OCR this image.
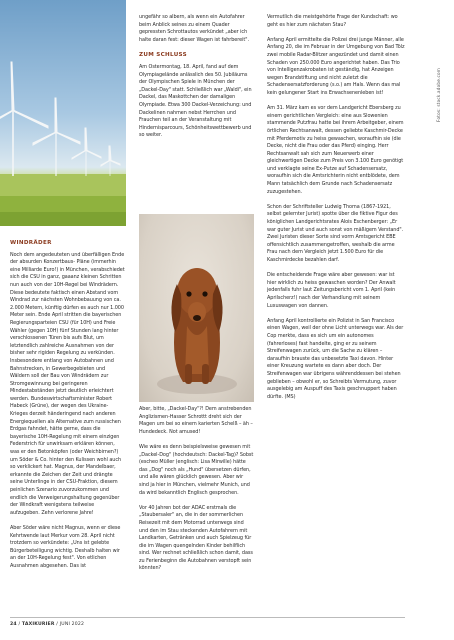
Fotos: stock.adobe.com
WINDRÄDER

Noch dem angedeuteten und überfälligen Ende der absurden Konzertbaus- Pläne (immerhin eine Milliarde Euro!) in München, verabschiedet sich die CSU in ganz, gaaanz kleinen Schritten nun auch von der 10H-Regel bei Windrädern. Diese bedeutete faktisch einen Abstand vom Windrad zur nächsten Wohnbebauung von ca. 2.000 Metern, künftig dürfen es auch nur 1.000 Meter sein. Ende April stritten die bayerischen Regierungsparteien CSU (für 10H) und Freie Wähler (gegen 10H) fünf Stunden lang hinter verschlossenen Türen bis aufs Blut, um letztendlich zahlreiche Ausnahmen von der bisher sehr rigiden Regelung zu verkünden. Insbesondere entlang von Autobahnen und Bahnstrecken, in Gewerbegebieten und Wäldern soll der Bau von Windrädern zur Stromgewinnung bei geringeren Mindestabständen jetzt deutlich erleichtert werden. Bundeswirtschaftsminister Robert Habeck (Grüne), der wegen des Ukraine-Krieges derzeit händeringend nach anderen Energiequellen als Alternative zum russischen Erdgas fahndet, hätte gerne, dass die bayerische 10H-Regelung mit einem einzigen Federstrich für unwirksam erklären können, was er den Betonköpfen (oder Weichbirnen?) um Söder & Co. hinter den Kulissen wohl auch so verklickert hat. Magnus, der Mandelbaer, erkannte die Zeichen der Zeit und drängte seine Unterlinge in der CSU-Fraktion, diesem peinlichen Szenario zuvorzukommen und endlich die Verweigerungshaltung gegenüber der Windkraft wenigstens teilweise aufzugeben. Zehn verlorene Jahre!

Aber Söder wäre nicht Magnus, wenn er diese Kehrtwende laut Merkur vom 28. April nicht trotzdem so verkündete: „Uns ist gelebte Bürgerbeteiligung wichtig. Deshalb halten wir an der 10H-Regelung fest". Von etlichen Ausnahmen abgesehen. Das ist

ungefähr so albern, als wenn ein Autofahrer beim Anblick seines zu einem Quader gepressten Schrottautos verkündet „aber ich halte daran fest: dieser Wagen ist fahrbereit".

ZUM SCHLUSS

Am Ostermontag, 18. April, fand auf dem Olympiagelände anlässlich des 50. Jubiläums der Olympischen Spiele in München der „Dackel-Day" statt. Schließlich war „Waldi", ein Dackel, das Maskottchen der damaligen Olympiade. Etwa 300 Dackel-Verzeichung: und Dackelinen nahmen nebst Herrchen und Frauchen teil an der Veranstaltung mit Hindernisparcours, Schönheitswettbewerb und so weiter.

Aber, bitte, „Dackel-Day"?! Dem anstrebenden Anglizismen-Hasser Schrottt dreht sich der Magen um bei so einem karierten Schelß – äh – Hundedeck. Not amused!

Wie wäre es denn beispielsweise gewesen mit „Dackel-Dog" (hochdeutsch: Dackel-Tag)? Sobst (escheo Müller (englisch: Lisa Mirwille) hätte das „Dog" noch als „Hund" übersetzen dürfen, und alle wären glücklich gewesen. Aber wir sind ja hier in München, vielmehr Munich, und da wird bekanntlich Englisch gesprochen.

Vor 40 Jahren bot der ADAC erstmals die „Staubersaler" an, die in der sommerlichen Reisezeit mit dem Motorrad unterwegs sind und den im Stau steckenden Autofahrern mit Landkarten, Getränken und auch Spielzeug für die im Wagen quengelnden Kinder behilflich sind. Wer rechnet schließlich schon damit, dass zu Ferienbeginn die Autobahnen verstopft sein könnten?

Vermutlich die meistgehörte Frage der Kundschaft: wo geht es hier zum nächsten Stau?

Anfang April ermittelte die Polizei drei junge Männer, alle Anfang 20, die im Februar in der Umgebung von Bad Tölz zwei mobile Radar-Blitzer angezündet und damit einen Schaden von 250.000 Euro angerichtet haben. Das Trio von Intelligenzakrobaten ist geständig, hat Anzeigen wegen Brandstiftung und nicht zuletzt die Schadensersatzforderung (s.o.) am Hals. Wenn das mal kein gelungener Start ins Erwachsenenleben ist!

Am 31. März kam es vor dem Landgericht Ebersberg zu einem gerichtlichen Vergleich: eine aus Slowenien stammende Putzfrau hatte bei ihrem Arbeitgeber, einem örtlichen Rechtsanwalt, dessen geliebte Kaschmir-Decke mit Pferdemotiv zu heiss gewaschen, woraufhin sie (die Decke, nicht die Frau oder das Pferd) einging. Herr Rechtsanwalt sah sich zum Neuerwerb einer gleichwertigen Decke zum Preis von 3.100 Euro genötigt und verklagte seine Ex-Putze auf Schadensersatz, woraufhin sich die Amtsrichterin nicht entblödete, dem Mann tatsächlich dem Grunde nach Schadensersatz zuzugestehen.

Schon der Schriftsteller Ludwig Thoma (1867-1921, selbst gelernter Jurist) spotte über die fiktive Figur des königlichen Landgerichtsrates Alois Eschenberger: „Er war guter Jurist und auch sonst von mäßigem Verstand". Zwei Juristen dieser Sorte sind vorm Amtsgericht EBE offensichtlich zusammengetroffen, weshalb die arme Frau nach dem Vergleich jetzt 1.500 Euro für die Kaschmirdecke bezahlen darf.

Die entscheidende Frage wäre aber gewesen: war ist hier wirklich zu heiss gewaschen worden? Der Anwalt jedenfalls fuhr laut Zeitungsbericht vom 1. April (kein Aprilscherz!) nach der Verhandlung mit seinem Luxuswagen von dannen.

Anfang April kontrollierte ein Polizist in San Francisco einen Wagen, weil der ohne Licht unterwegs war. Als der Cop merkte, dass es sich um ein autonomes (fahrerloses) fast handelte, ging er zu seinem Streifenwagen zurück, um die Sache zu klären – daraufhin brauste das unbesetzte Taxi davon. Hinter einer Kreuzung wartete es dann aber doch. Der Streifenwagen war übrigens währenddessen bei stehen geblieben – obwohl er, so Schreibts Vermutung, zuvor ausgelebig am Auspuff des Taxis geschnuppert haben dürfte. (MS)

24 / TAXIKURIER / JUNI 2022
